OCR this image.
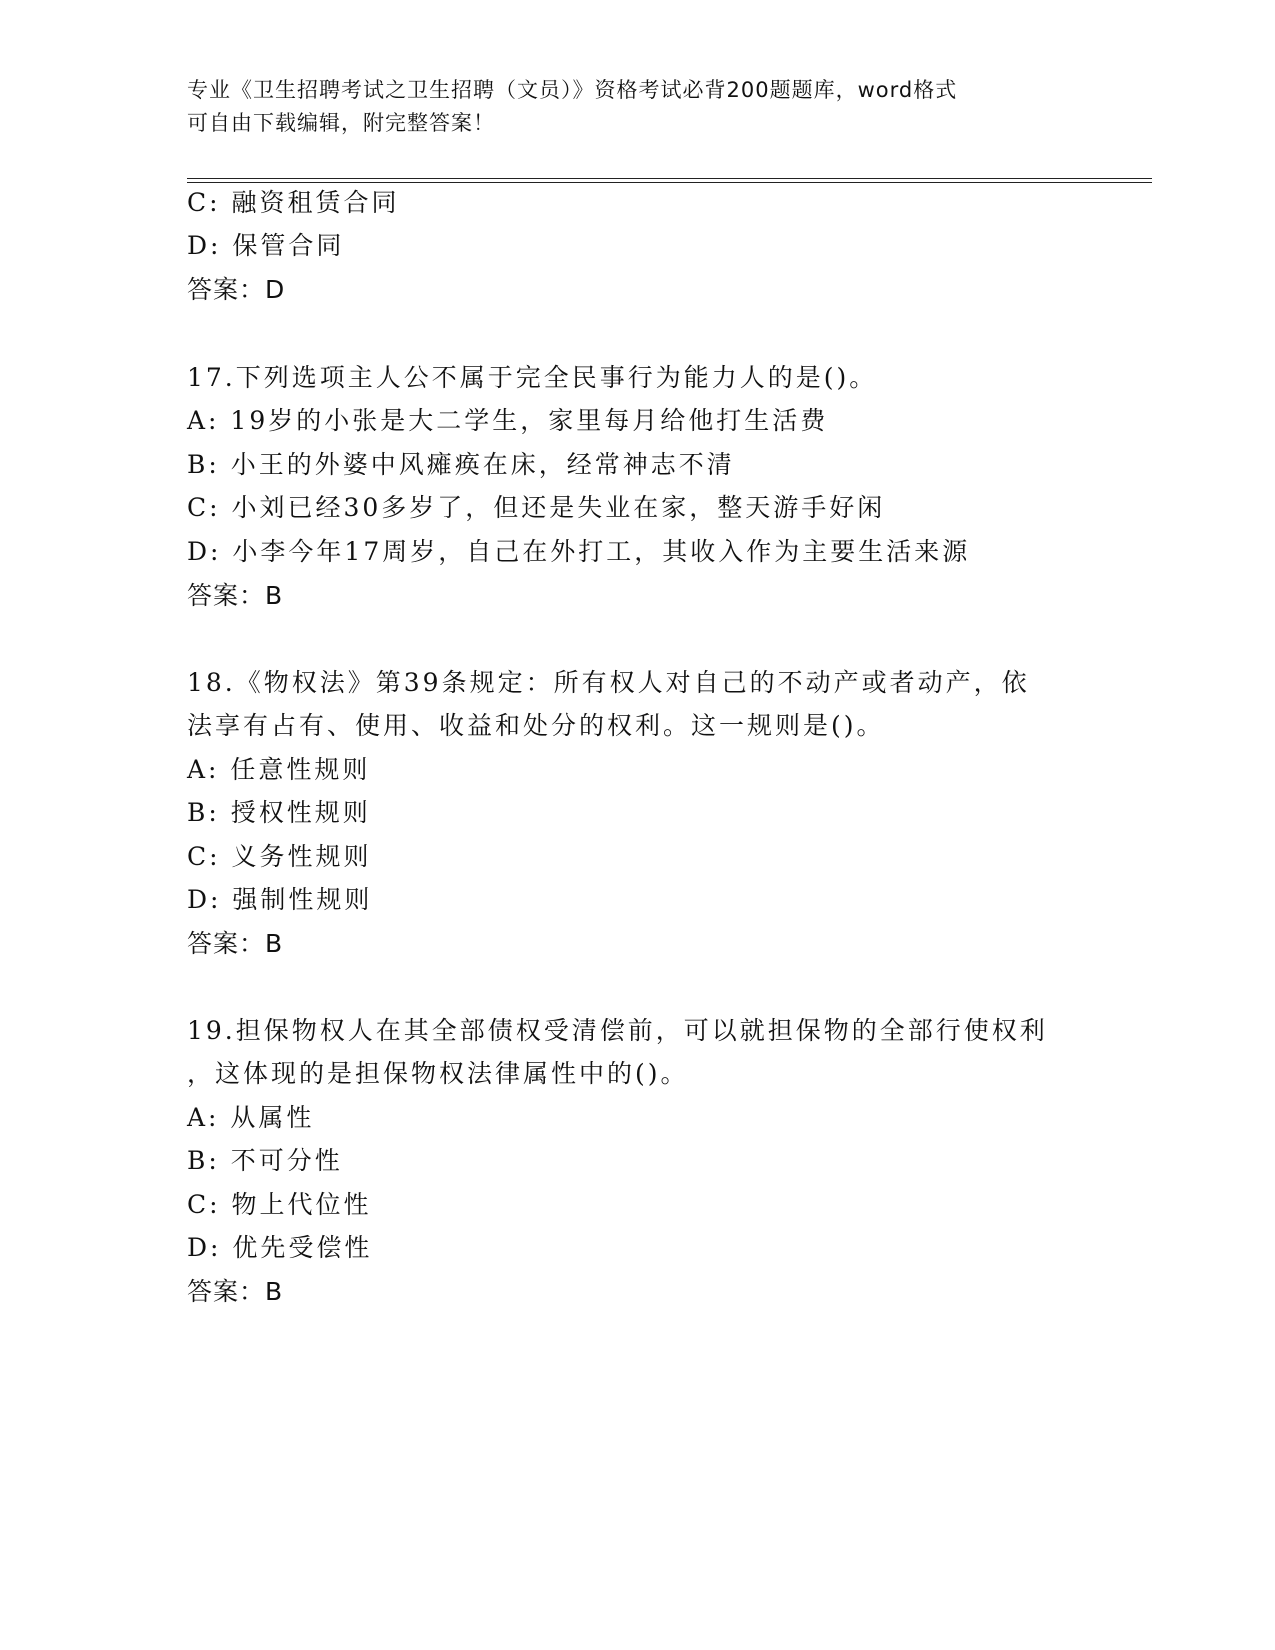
专业《卫生招聘考试之卫生招聘（文员）》资格考试必背200题题库，word格式
可自由下载编辑，附完整答案！
C: 融资租赁合同
D: 保管合同
答案：D
17.下列选项主人公不属于完全民事行为能力人的是()。
A: 19岁的小张是大二学生，家里每月给他打生活费
B: 小王的外婆中风瘫痪在床，经常神志不清
C: 小刘已经30多岁了，但还是失业在家，整天游手好闲
D: 小李今年17周岁，自己在外打工，其收入作为主要生活来源
答案：B
18.《物权法》第39条规定：所有权人对自己的不动产或者动产，依
法享有占有、使用、收益和处分的权利。这一规则是()。
A: 任意性规则
B: 授权性规则
C: 义务性规则
D: 强制性规则
答案：B
19.担保物权人在其全部债权受清偿前，可以就担保物的全部行使权利
，这体现的是担保物权法律属性中的()。
A: 从属性
B: 不可分性
C: 物上代位性
D: 优先受偿性
答案：B
